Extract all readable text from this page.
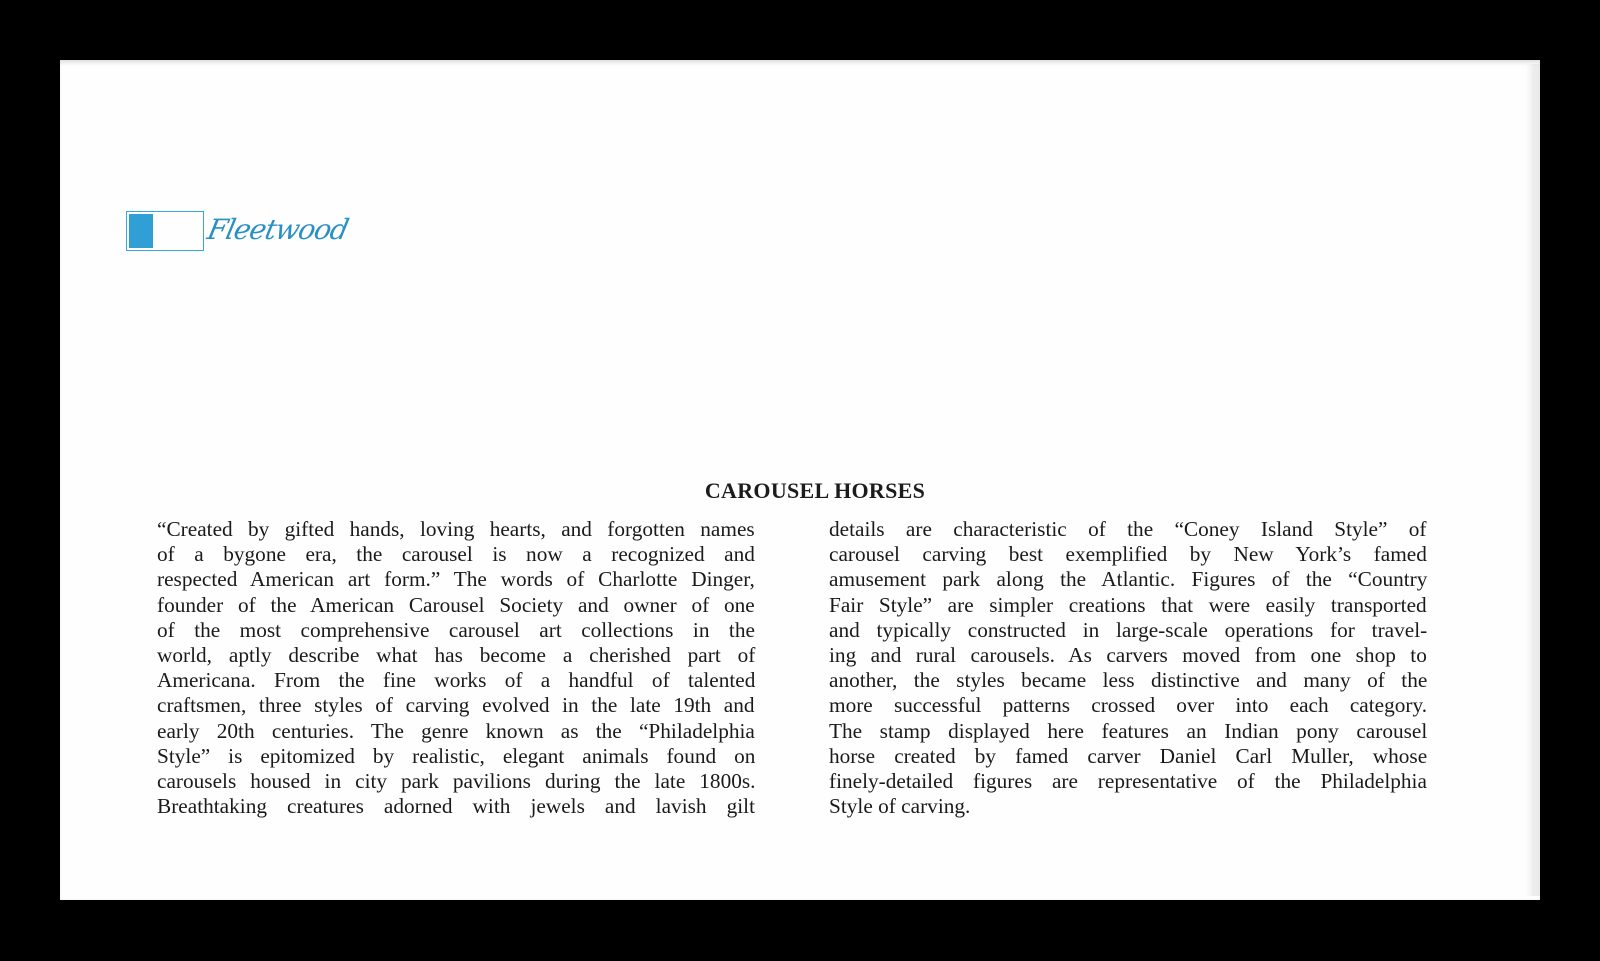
Fleetwood
CAROUSEL HORSES
“Created by gifted hands, loving hearts, and forgotten names
of a bygone era, the carousel is now a recognized and
respected American art form.” The words of Charlotte Dinger,
founder of the American Carousel Society and owner of one
of the most comprehensive carousel art collections in the
world, aptly describe what has become a cherished part of
Americana. From the fine works of a handful of talented
craftsmen, three styles of carving evolved in the late 19th and
early 20th centuries. The genre known as the “Philadelphia
Style” is epitomized by realistic, elegant animals found on
carousels housed in city park pavilions during the late 1800s.
Breathtaking creatures adorned with jewels and lavish gilt
details are characteristic of the “Coney Island Style” of
carousel carving best exemplified by New York’s famed
amusement park along the Atlantic. Figures of the “Country
Fair Style” are simpler creations that were easily transported
and typically constructed in large-scale operations for travel-
ing and rural carousels. As carvers moved from one shop to
another, the styles became less distinctive and many of the
more successful patterns crossed over into each category.
The stamp displayed here features an Indian pony carousel
horse created by famed carver Daniel Carl Muller, whose
finely-detailed figures are representative of the Philadelphia
Style of carving.
